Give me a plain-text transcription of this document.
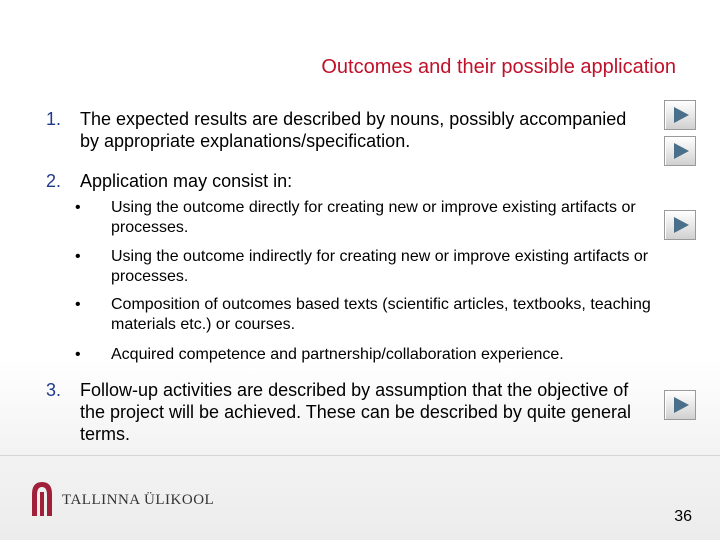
Outcomes and their possible application
1. The expected results are described by nouns, possibly accompanied by appropriate explanations/specification.
2. Application may consist in:
• Using the outcome directly for creating new or improve existing artifacts or processes.
• Using the outcome indirectly for creating new or improve existing artifacts or processes.
• Composition of outcomes based texts (scientific articles, textbooks, teaching materials etc.) or courses.
• Acquired competence and partnership/collaboration experience.
3. Follow-up activities are described by assumption that the objective of the project will be achieved. These can be described by quite general terms.
TALLINNA ÜLIKOOL
36
